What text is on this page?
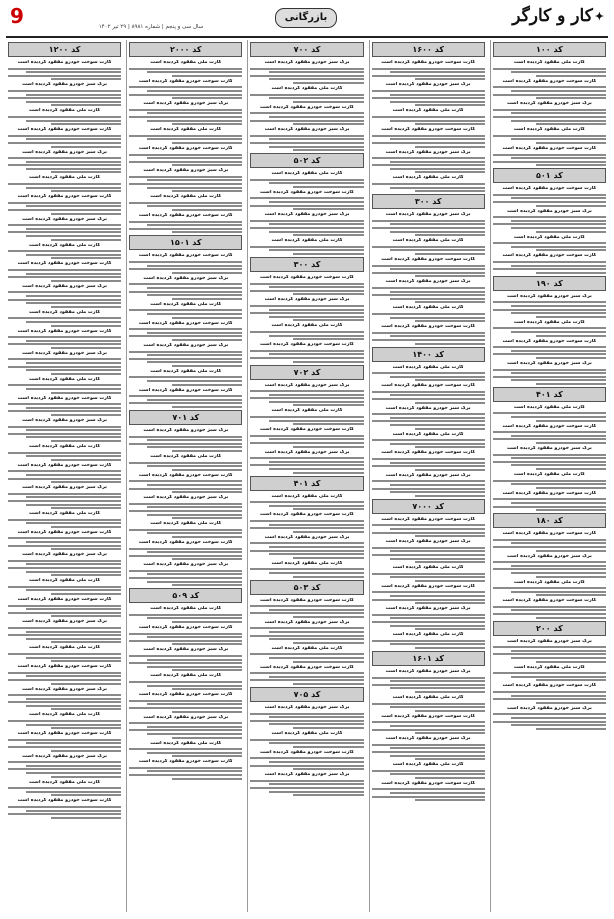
✦کار و کارگر
بازرگانی
سال سی و پنجم | شماره ۸۹۸۱ | ۲۹ تیر ۱۴۰۲
9
کد ۱۰۰
کارت ملی مفقود گردیده است
کارت سوخت خودرو مفقود گردیده است
برگ سبز خودرو مفقود گردیده است
کارت ملی مفقود گردیده است
کارت سوخت خودرو مفقود گردیده است
کد ۵۰۱
کارت سوخت خودرو مفقود گردیده است
برگ سبز خودرو مفقود گردیده است
کارت ملی مفقود گردیده است
کارت سوخت خودرو مفقود گردیده است
کد ۱۹۰
برگ سبز خودرو مفقود گردیده است
کارت ملی مفقود گردیده است
کارت سوخت خودرو مفقود گردیده است
برگ سبز خودرو مفقود گردیده است
کد ۴۰۱
کارت ملی مفقود گردیده است
کارت سوخت خودرو مفقود گردیده است
برگ سبز خودرو مفقود گردیده است
کارت ملی مفقود گردیده است
کارت سوخت خودرو مفقود گردیده است
کد ۱۸۰
کارت سوخت خودرو مفقود گردیده است
برگ سبز خودرو مفقود گردیده است
کارت ملی مفقود گردیده است
کارت سوخت خودرو مفقود گردیده است
کد ۲۰۰
برگ سبز خودرو مفقود گردیده است
کارت ملی مفقود گردیده است
کارت سوخت خودرو مفقود گردیده است
برگ سبز خودرو مفقود گردیده است
کد ۱۶۰۰
کارت سوخت خودرو مفقود گردیده است
برگ سبز خودرو مفقود گردیده است
کارت ملی مفقود گردیده است
کارت سوخت خودرو مفقود گردیده است
برگ سبز خودرو مفقود گردیده است
کارت ملی مفقود گردیده است
کد ۳۰۰
برگ سبز خودرو مفقود گردیده است
کارت ملی مفقود گردیده است
کارت سوخت خودرو مفقود گردیده است
برگ سبز خودرو مفقود گردیده است
کارت ملی مفقود گردیده است
کارت سوخت خودرو مفقود گردیده است
کد ۱۴۰۰
کارت ملی مفقود گردیده است
کارت سوخت خودرو مفقود گردیده است
برگ سبز خودرو مفقود گردیده است
کارت ملی مفقود گردیده است
کارت سوخت خودرو مفقود گردیده است
برگ سبز خودرو مفقود گردیده است
کد ۷۰۰۰
کارت سوخت خودرو مفقود گردیده است
برگ سبز خودرو مفقود گردیده است
کارت ملی مفقود گردیده است
کارت سوخت خودرو مفقود گردیده است
برگ سبز خودرو مفقود گردیده است
کارت ملی مفقود گردیده است
کد ۱۶۰۱
برگ سبز خودرو مفقود گردیده است
کارت ملی مفقود گردیده است
کارت سوخت خودرو مفقود گردیده است
برگ سبز خودرو مفقود گردیده است
کارت ملی مفقود گردیده است
کارت سوخت خودرو مفقود گردیده است
کد ۷۰۰
برگ سبز خودرو مفقود گردیده است
کارت ملی مفقود گردیده است
کارت سوخت خودرو مفقود گردیده است
برگ سبز خودرو مفقود گردیده است
کد ۵۰۲
کارت ملی مفقود گردیده است
کارت سوخت خودرو مفقود گردیده است
برگ سبز خودرو مفقود گردیده است
کارت ملی مفقود گردیده است
کد ۳۰۰
کارت سوخت خودرو مفقود گردیده است
برگ سبز خودرو مفقود گردیده است
کارت ملی مفقود گردیده است
کارت سوخت خودرو مفقود گردیده است
کد ۷۰۲
برگ سبز خودرو مفقود گردیده است
کارت ملی مفقود گردیده است
کارت سوخت خودرو مفقود گردیده است
برگ سبز خودرو مفقود گردیده است
کد ۴۰۱
کارت ملی مفقود گردیده است
کارت سوخت خودرو مفقود گردیده است
برگ سبز خودرو مفقود گردیده است
کارت ملی مفقود گردیده است
کد ۵۰۳
کارت سوخت خودرو مفقود گردیده است
برگ سبز خودرو مفقود گردیده است
کارت ملی مفقود گردیده است
کارت سوخت خودرو مفقود گردیده است
کد ۷۰۵
برگ سبز خودرو مفقود گردیده است
کارت ملی مفقود گردیده است
کارت سوخت خودرو مفقود گردیده است
برگ سبز خودرو مفقود گردیده است
کد ۲۰۰۰
کارت ملی مفقود گردیده است
کارت سوخت خودرو مفقود گردیده است
برگ سبز خودرو مفقود گردیده است
کارت ملی مفقود گردیده است
کارت سوخت خودرو مفقود گردیده است
برگ سبز خودرو مفقود گردیده است
کارت ملی مفقود گردیده است
کارت سوخت خودرو مفقود گردیده است
کد ۱۵۰۱
کارت سوخت خودرو مفقود گردیده است
برگ سبز خودرو مفقود گردیده است
کارت ملی مفقود گردیده است
کارت سوخت خودرو مفقود گردیده است
برگ سبز خودرو مفقود گردیده است
کارت ملی مفقود گردیده است
کارت سوخت خودرو مفقود گردیده است
کد ۷۰۱
برگ سبز خودرو مفقود گردیده است
کارت ملی مفقود گردیده است
کارت سوخت خودرو مفقود گردیده است
برگ سبز خودرو مفقود گردیده است
کارت ملی مفقود گردیده است
کارت سوخت خودرو مفقود گردیده است
برگ سبز خودرو مفقود گردیده است
کد ۵۰۹
کارت ملی مفقود گردیده است
کارت سوخت خودرو مفقود گردیده است
برگ سبز خودرو مفقود گردیده است
کارت ملی مفقود گردیده است
کارت سوخت خودرو مفقود گردیده است
برگ سبز خودرو مفقود گردیده است
کارت ملی مفقود گردیده است
کارت سوخت خودرو مفقود گردیده است
کد ۱۲۰۰
کارت سوخت خودرو مفقود گردیده است
برگ سبز خودرو مفقود گردیده است
کارت ملی مفقود گردیده است
کارت سوخت خودرو مفقود گردیده است
برگ سبز خودرو مفقود گردیده است
کارت ملی مفقود گردیده است
کارت سوخت خودرو مفقود گردیده است
برگ سبز خودرو مفقود گردیده است
کارت ملی مفقود گردیده است
کارت سوخت خودرو مفقود گردیده است
برگ سبز خودرو مفقود گردیده است
کارت ملی مفقود گردیده است
کارت سوخت خودرو مفقود گردیده است
برگ سبز خودرو مفقود گردیده است
کارت ملی مفقود گردیده است
کارت سوخت خودرو مفقود گردیده است
برگ سبز خودرو مفقود گردیده است
کارت ملی مفقود گردیده است
کارت سوخت خودرو مفقود گردیده است
برگ سبز خودرو مفقود گردیده است
کارت ملی مفقود گردیده است
کارت سوخت خودرو مفقود گردیده است
برگ سبز خودرو مفقود گردیده است
کارت ملی مفقود گردیده است
کارت سوخت خودرو مفقود گردیده است
برگ سبز خودرو مفقود گردیده است
کارت ملی مفقود گردیده است
کارت سوخت خودرو مفقود گردیده است
برگ سبز خودرو مفقود گردیده است
کارت ملی مفقود گردیده است
کارت سوخت خودرو مفقود گردیده است
برگ سبز خودرو مفقود گردیده است
کارت ملی مفقود گردیده است
کارت سوخت خودرو مفقود گردیده است
